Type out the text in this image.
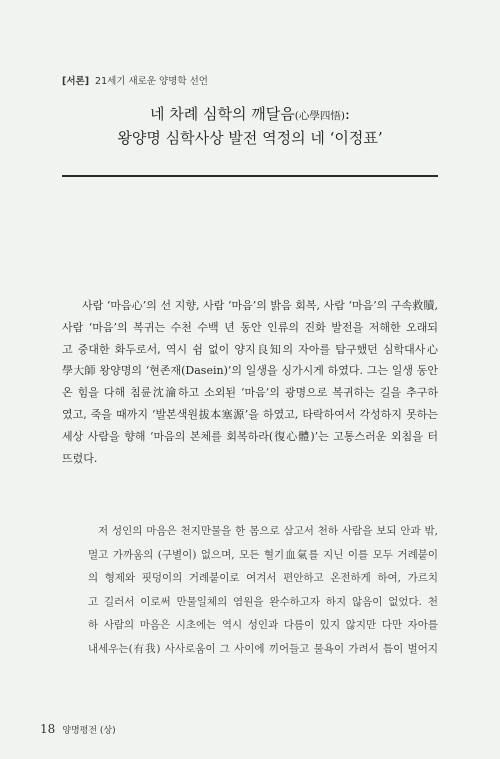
[서론] 21세기 새로운 양명학 선언
네 차례 심학의 깨달음(心學四悟):
왕양명 심학사상 발전 역정의 네 ‘이정표’
사람 ‘마음心’의 선 지향, 사람 ‘마음’의 밝음 회복, 사람 ‘마음’의 구속救贖,
사람 ‘마음’의 복귀는 수천 수백 년 동안 인류의 진화 발전을 저해한 오래되
고 중대한 화두로서, 역시 쉼 없이 양지良知의 자아를 탐구했던 심학대사心
學大師 왕양명의 ‘현존재(Dasein)’의 일생을 싱가시게 하였다. 그는 일생 동안
온 힘을 다해 침륜沈淪하고 소외된 ‘마음’의 광명으로 복귀하는 길을 추구하
였고, 죽을 때까지 ‘발본색원拔本塞源’을 하였고, 타락하여서 각성하지 못하는
세상 사람을 향해 ‘마음의 본체를 회복하라(復心體)’는 고통스러운 외침을 터
뜨렸다.
저 성인의 마음은 천지만물을 한 몸으로 삼고서 천하 사람을 보되 안과 밖,
멀고 가까움의 (구별이) 없으며, 모든 혈기血氣를 지닌 이를 모두 거례붙이
의 형제와 핏덩이의 거례붙이로 여겨서 편안하고 온전하게 하여, 가르치
고 길러서 이로써 만물일체의 염원을 완수하고자 하지 않음이 없었다. 천
하 사람의 마음은 시초에는 역시 성인과 다름이 있지 않지만 다만 자아를
내세우는(有我) 사사로움이 그 사이에 끼어들고 물욕이 가려서 틈이 벌어지
18 양명평전 (상)
